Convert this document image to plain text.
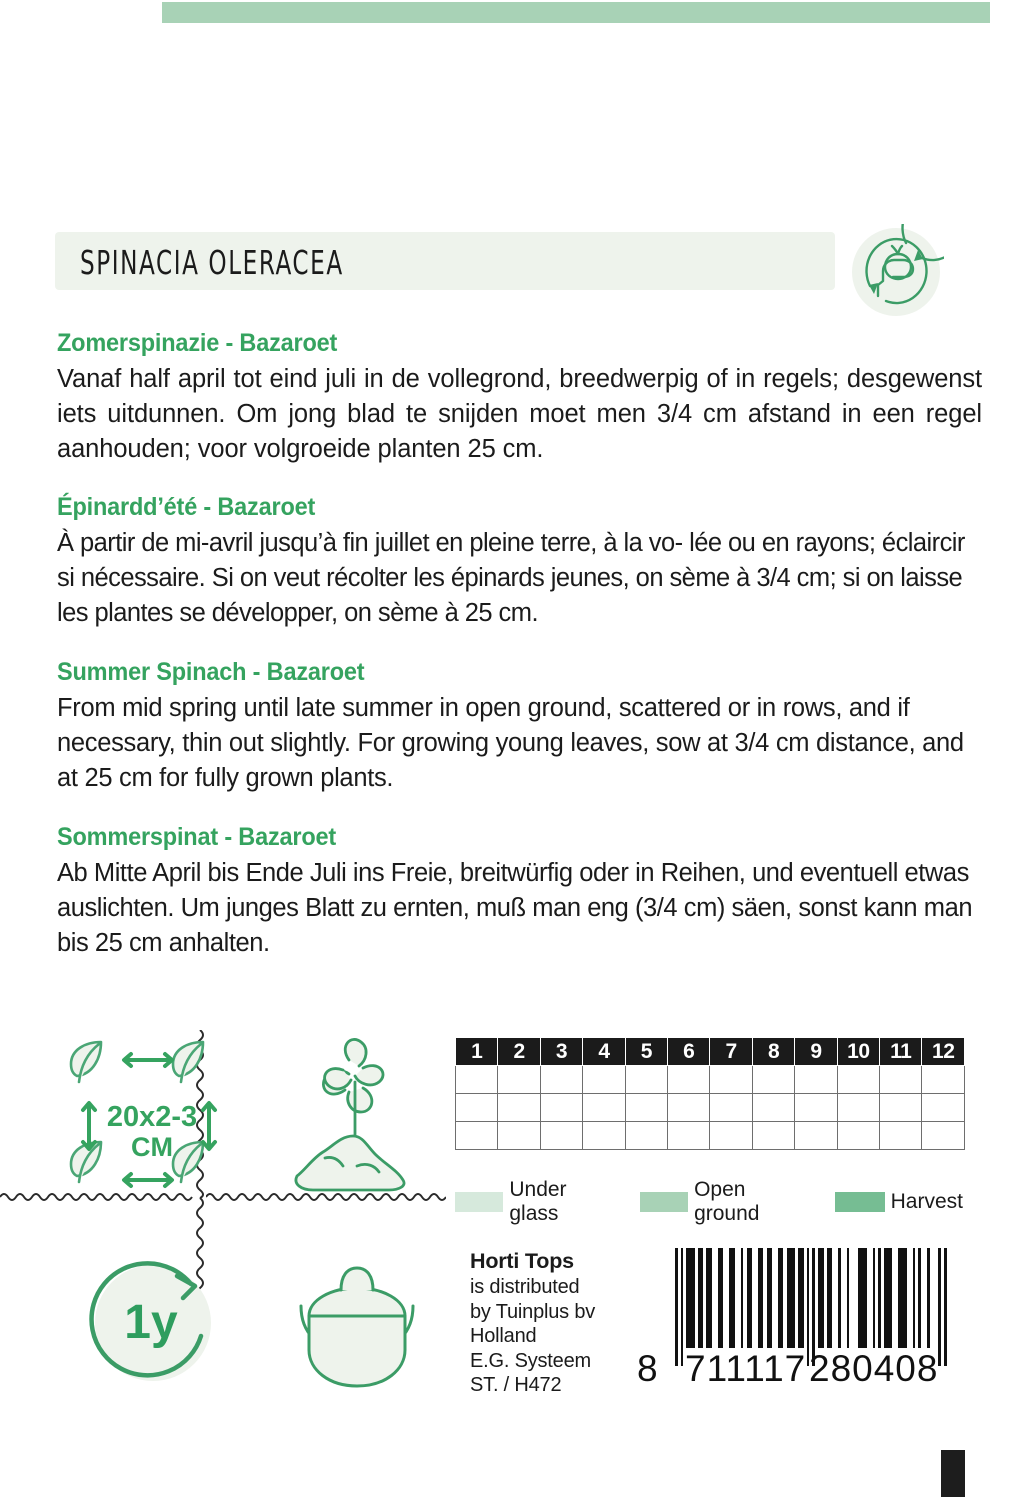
SPINACIA OLERACEA
Zomerspinazie - Bazaroet
Vanaf half april tot eind juli in de vollegrond, breedwerpig of in regels; desgewenst iets uitdunnen. Om jong blad te snijden moet men 3/4 cm afstand in een regel aanhouden; voor volgroeide planten 25 cm.
Épinardd’été - Bazaroet
À partir de mi-avril jusqu’à fin juillet en pleine terre, à la vo- lée ou en rayons; éclaircir si nécessaire. Si on veut récolter les épinards jeunes, on sème à 3/4 cm; si on laisse les plantes se développer, on sème à 25 cm.
Summer Spinach - Bazaroet
From mid spring until late summer in open ground, scattered or in rows, and if necessary, thin out slightly. For growing young leaves, sow at 3/4 cm distance, and at 25 cm for fully grown plants.
Sommerspinat - Bazaroet
Ab Mitte April bis Ende Juli ins Freie, breitwürfig oder in Reihen, und eventuell etwas auslichten. Um junges Blatt zu ernten, muß man eng (3/4 cm) säen, sonst kann man bis 25 cm anhalten.
20x2-3
CM
1y
1	2	3	4	5	6	7	8	9	10	11	12

Under glass
Open ground
Harvest
Horti Tops
is distributed
by Tuinplus bv
Holland
E.G. Systeem
ST. / H472	8 711117 280408
